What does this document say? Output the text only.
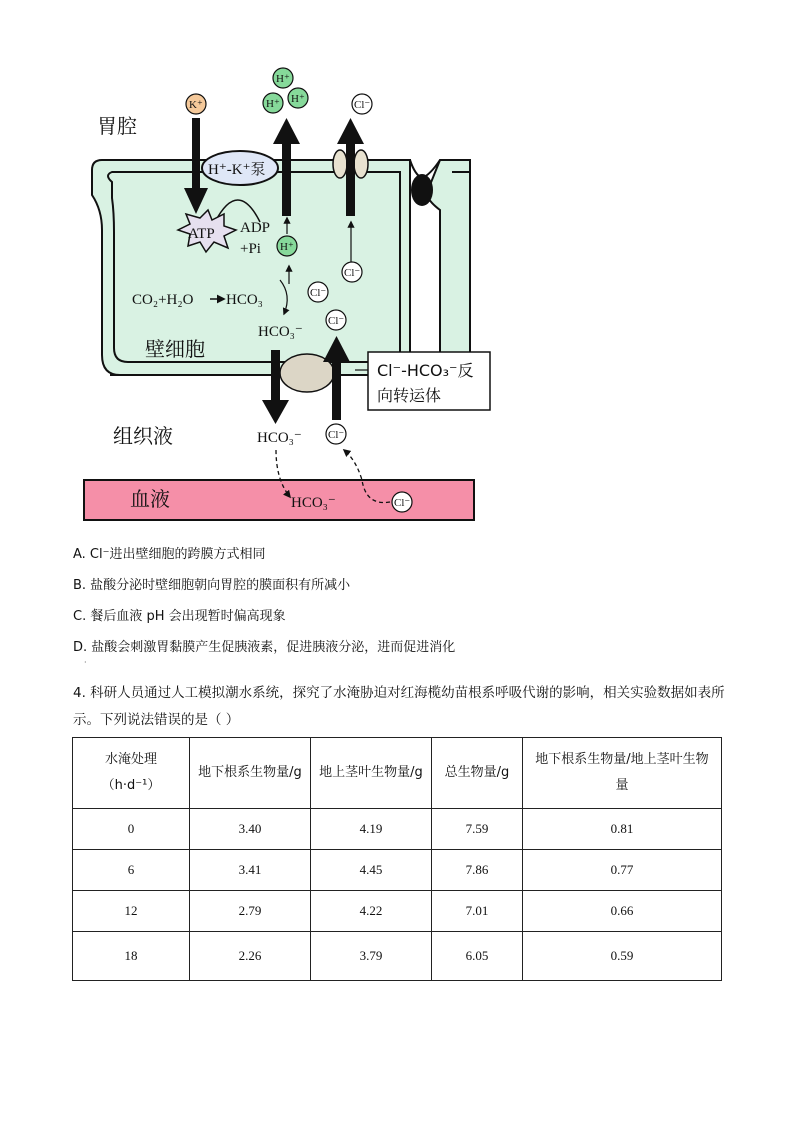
血液
胃腔
壁细胞
组织液
H⁺-K⁺泵
ATP ADP
+Pi
K⁺
H⁺
H⁺ H⁺
H⁺
Cl⁻
Cl⁻
CO₂+H₂O HCO₃	Cl⁻
Cl⁻
HCO₃⁻
Cl⁻-HCO₃⁻反
向转运体
HCO₃⁻ Cl⁻
HCO₃⁻	Cl⁻
A. Cl⁻进出壁细胞的跨膜方式相同
B. 盐酸分泌时壁细胞朝向胃腔的膜面积有所减小
C. 餐后血液 pH 会出现暂时偏高现象
D. 盐酸会刺激胃黏膜产生促胰液素，促进胰液分泌，进而促进消化
·
4. 科研人员通过人工模拟潮水系统，探究了水淹胁迫对红海榄幼苗根系呼吸代谢的影响，相关实验数据如表所示。下列说法错误的是（ ）
水淹处理（h·d⁻¹）	地下根系生物量/g	地上茎叶生物量/g	总生物量/g	地下根系生物量/地上茎叶生物量
0	3.40	4.19	7.59	0.81
6	3.41	4.45	7.86	0.77
12	2.79	4.22	7.01	0.66
18	2.26	3.79	6.05	0.59
